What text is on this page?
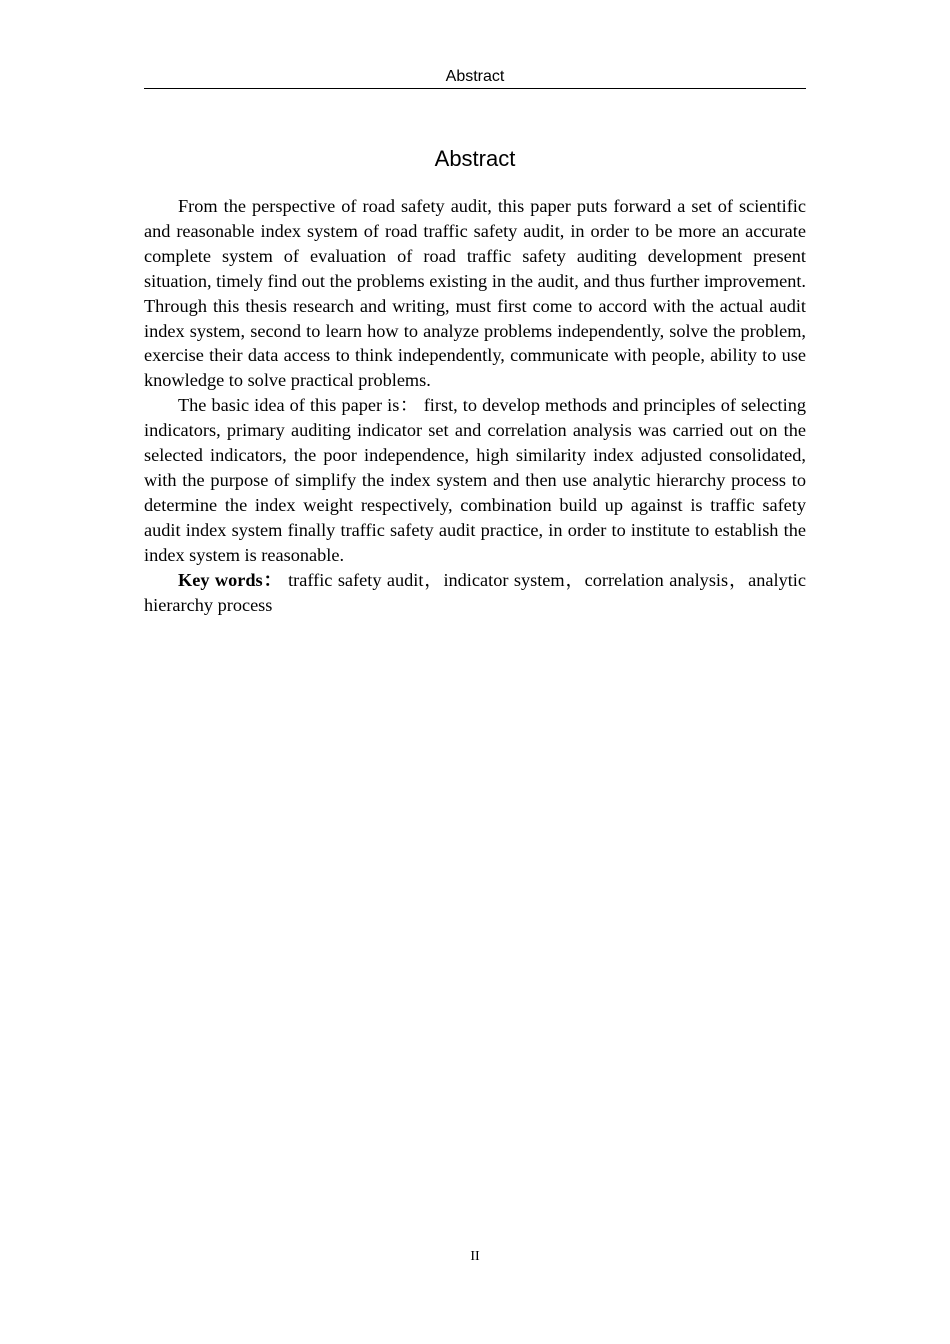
Abstract
Abstract

From the perspective of road safety audit, this paper puts forward a set of scientific and reasonable index system of road traffic safety audit, in order to be more an accurate complete system of evaluation of road traffic safety auditing development present situation, timely find out the problems existing in the audit, and thus further improvement. Through this thesis research and writing, must first come to accord with the actual audit index system, second to learn how to analyze problems independently, solve the problem, exercise their data access to think independently, communicate with people, ability to use knowledge to solve practical problems.

The basic idea of this paper is： first, to develop methods and principles of selecting indicators, primary auditing indicator set and correlation analysis was carried out on the selected indicators, the poor independence, high similarity index adjusted consolidated, with the purpose of simplify the index system and then use analytic hierarchy process to determine the index weight respectively, combination build up against is traffic safety audit index system finally traffic safety audit practice, in order to institute to establish the index system is reasonable.

Key words： traffic safety audit，indicator system，correlation analysis，analytic hierarchy process

II
